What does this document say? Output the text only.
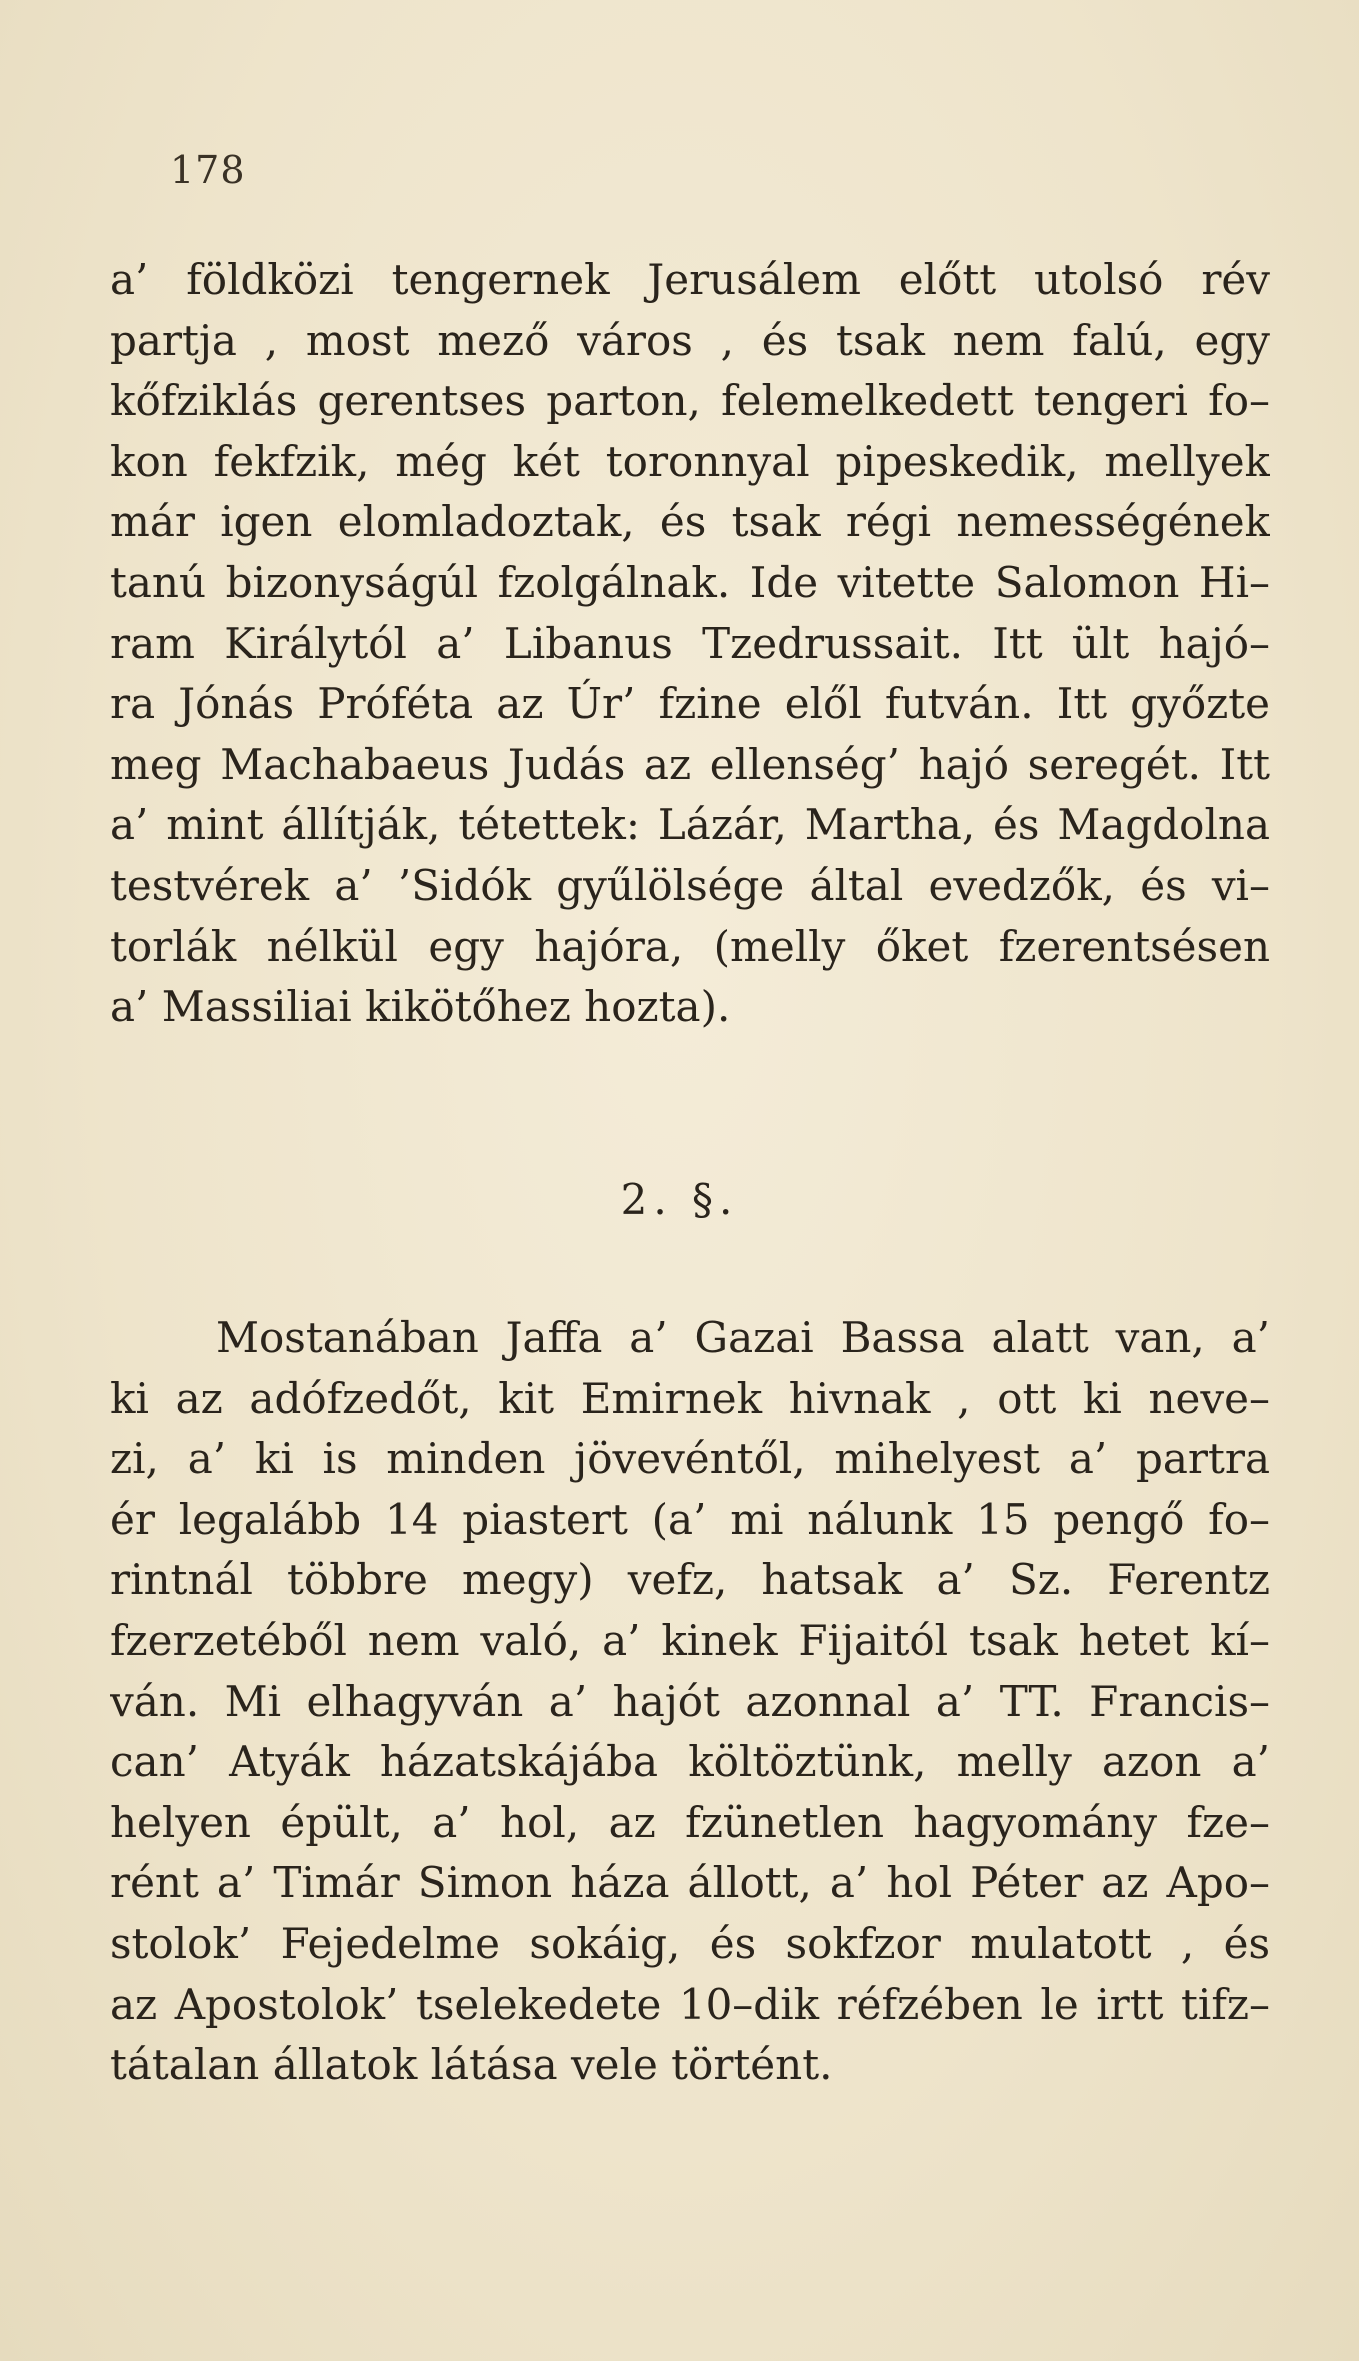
178
a’ földközi tengernek Jerusálem előtt utolsó rév
partja , most mező város , és tsak nem falú, egy
kőfziklás gerentses parton, felemelkedett tengeri fo–
kon fekfzik, még két toronnyal pipeskedik, mellyek
már igen elomladoztak, és tsak régi nemességének
tanú bizonyságúl fzolgálnak. Ide vitette Salomon Hi–
ram Királytól a’ Libanus Tzedrussait. Itt ült hajó–
ra Jónás Próféta az Úr’ fzine elől futván. Itt győzte
meg Machabaeus Judás az ellenség’ hajó seregét. Itt
a’ mint állítják, tétettek: Lázár, Martha, és Magdolna
testvérek a’ ’Sidók gyűlölsége által evedzők, és vi–
torlák nélkül egy hajóra, (melly őket fzerentsésen
a’ Massiliai kikötőhez hozta).
2. §.
Mostanában Jaffa a’ Gazai Bassa alatt van, a’
ki az adófzedőt, kit Emirnek hivnak , ott ki neve–
zi, a’ ki is minden jövevéntől, mihelyest a’ partra
ér legalább 14 piastert (a’ mi nálunk 15 pengő fo–
rintnál többre megy) vefz, hatsak a’ Sz. Ferentz
fzerzetéből nem való, a’ kinek Fijaitól tsak hetet kí–
ván. Mi elhagyván a’ hajót azonnal a’ TT. Francis–
can’ Atyák házatskájába költöztünk, melly azon a’
helyen épült, a’ hol, az fzünetlen hagyomány fze–
rént a’ Timár Simon háza állott, a’ hol Péter az Apo–
stolok’ Fejedelme sokáig, és sokfzor mulatott , és
az Apostolok’ tselekedete 10–dik réfzében le irtt tifz–
tátalan állatok látása vele történt.
